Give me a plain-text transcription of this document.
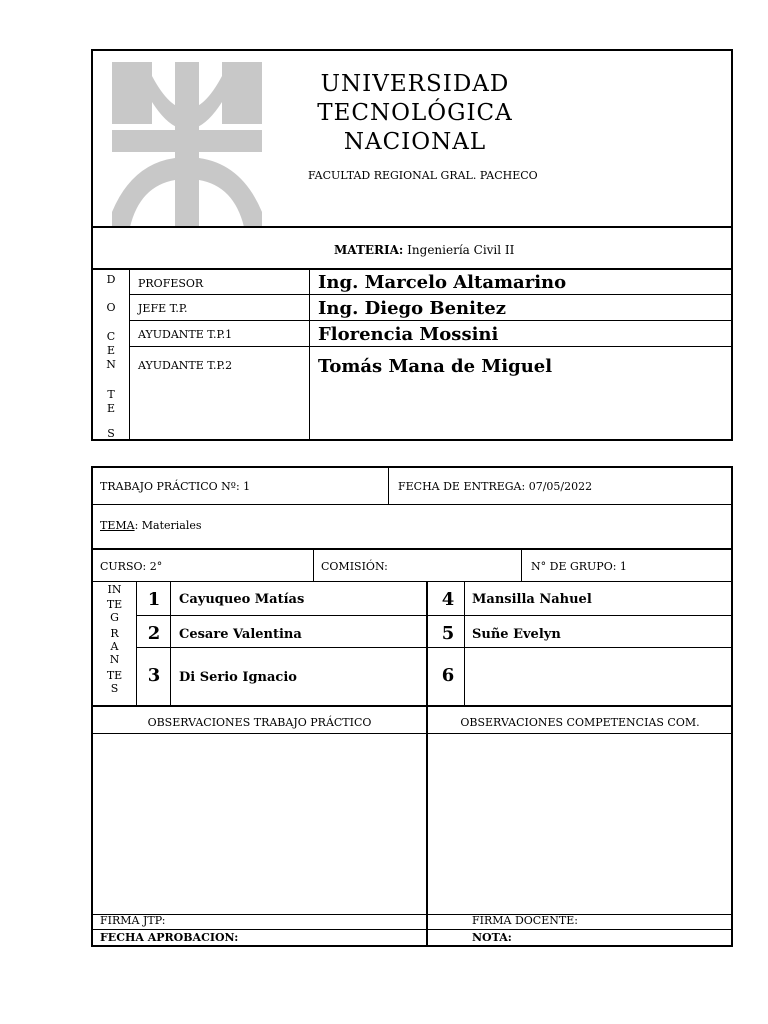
UNIVERSIDAD
TECNOLÓGICA
NACIONAL
FACULTAD REGIONAL GRAL. PACHECO
MATERIA: Ingeniería Civil II
D
O
C
E
N
T
E
S
PROFESOR	Ing. Marcelo Altamarino
JEFE T.P.	Ing. Diego Benitez
AYUDANTE T.P.1	Florencia Mossini
AYUDANTE T.P.2	Tomás Mana de Miguel
TRABAJO PRÁCTICO Nº: 1	FECHA DE ENTREGA: 07/05/2022
TEMA: Materiales
CURSO: 2°	COMISIÓN:	N° DE GRUPO: 1
IN
TE
G
R
A
N
TE
S
1	Cayuqueo Matías
2	Cesare Valentina
3	Di Serio Ignacio
4	Mansilla Nahuel
5	Suñe Evelyn
6
OBSERVACIONES TRABAJO PRÁCTICO	OBSERVACIONES COMPETENCIAS COM.
FIRMA JTP:	FIRMA DOCENTE:
FECHA APROBACION:	NOTA:
